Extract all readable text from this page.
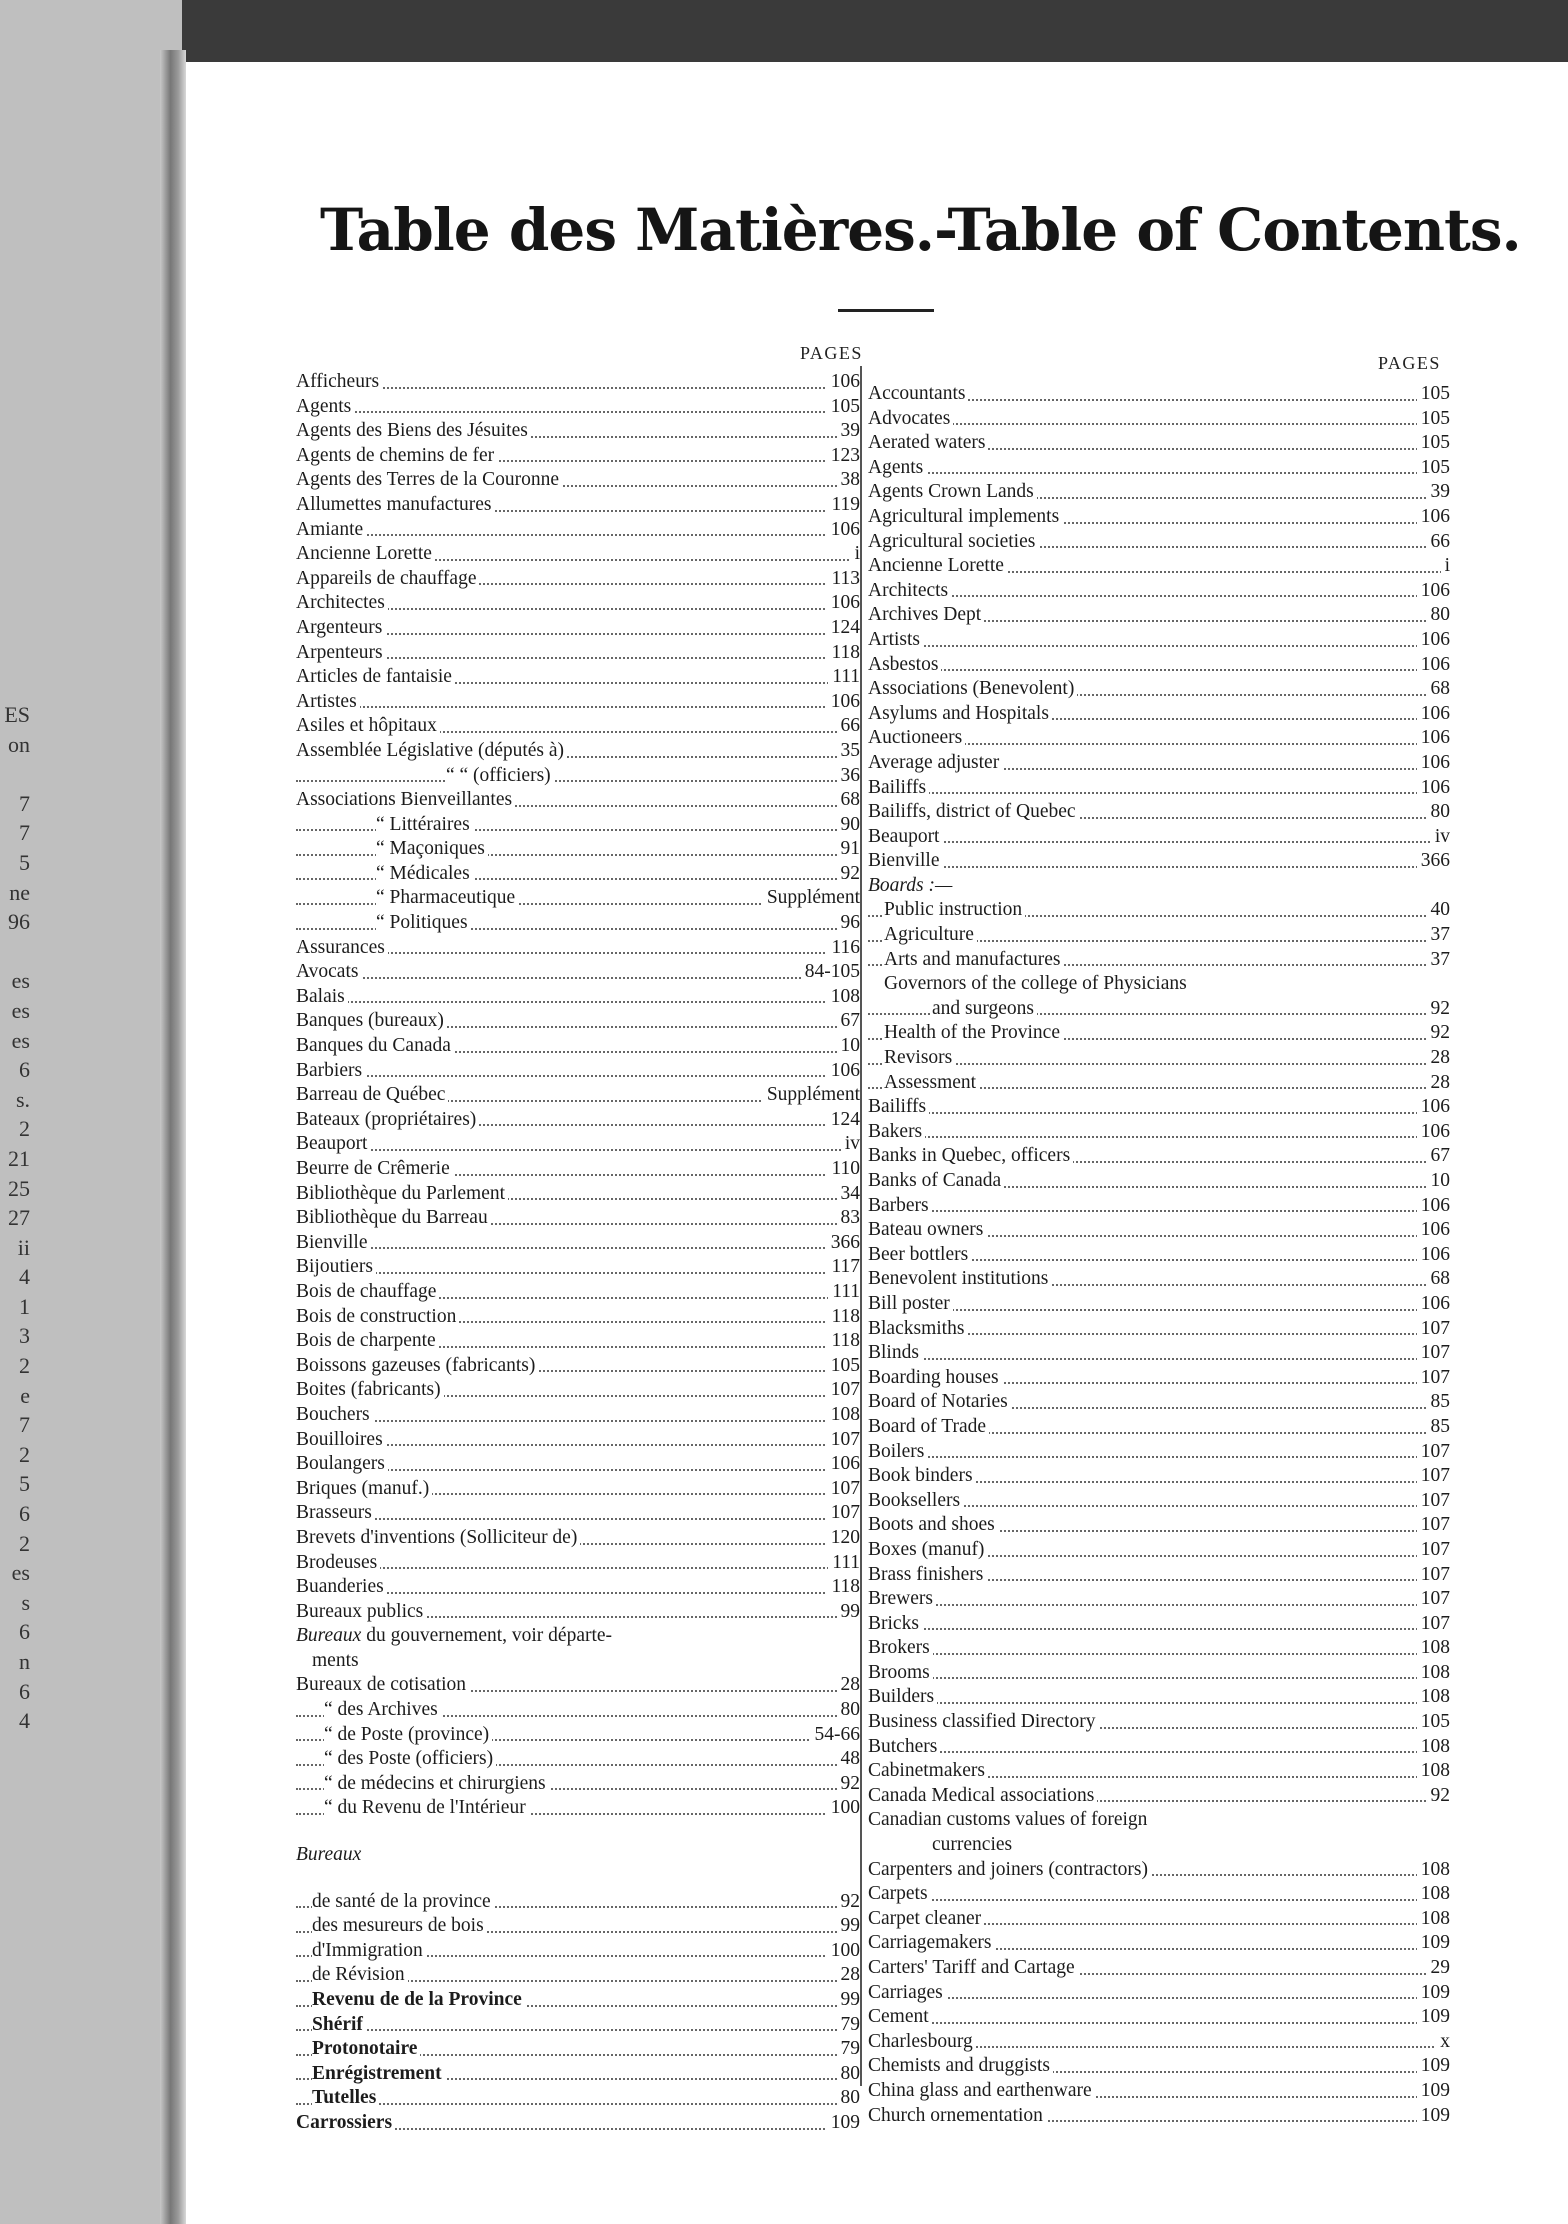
ES
on
7
7
5
ne
96
es
es
es
6
s.
2
21
25
27
ii
4
1
3
2
e
7
2
5
6
2
es
s
6
n
6
4
Table des Matières.-Table of Contents.
PAGES	PAGES
Afficheurs	106
Agents	105
Agents des Biens des Jésuites	39
Agents de chemins de fer	123
Agents des Terres de la Couronne	38
Allumettes manufactures	119
Amiante	106
Ancienne Lorette	i
Appareils de chauffage	113
Architectes	106
Argenteurs	124
Arpenteurs	118
Articles de fantaisie	111
Artistes	106
Asiles et hôpitaux	66
Assemblée Législative (députés à)	35
“ “ (officiers)	36
Associations Bienveillantes	68
“ Littéraires	90
“ Maçoniques	91
“ Médicales	92
“ Pharmaceutique	Supplément
“ Politiques	96
Assurances	116
Avocats	84-105
Balais	108
Banques (bureaux)	67
Banques du Canada	10
Barbiers	106
Barreau de Québec	Supplément
Bateaux (propriétaires)	124
Beauport	iv
Beurre de Crêmerie	110
Bibliothèque du Parlement	34
Bibliothèque du Barreau	83
Bienville	366
Bijoutiers	117
Bois de chauffage	111
Bois de construction	118
Bois de charpente	118
Boissons gazeuses (fabricants)	105
Boites (fabricants)	107
Bouchers	108
Bouilloires	107
Boulangers	106
Briques (manuf.)	107
Brasseurs	107
Brevets d'inventions (Solliciteur de)	120
Brodeuses	111
Buanderies	118
Bureaux publics	99
Bureaux du gouvernement, voir départe-
ments
Bureaux de cotisation	28
“ des Archives	80
“ de Poste (province)	54-66
“ des Poste (officiers)	48
“ de médecins et chirurgiens	92
“ du Revenu de l'Intérieur	100
Bureaux
de santé de la province	92
des mesureurs de bois	99
d'Immigration	100
de Révision	28
Revenu de de la Province	99
Shérif	79
Protonotaire	79
Enrégistrement	80
Tutelles	80
Carrossiers	109
Accountants	105
Advocates	105
Aerated waters	105
Agents	105
Agents Crown Lands	39
Agricultural implements	106
Agricultural societies	66
Ancienne Lorette	i
Architects	106
Archives Dept	80
Artists	106
Asbestos	106
Associations (Benevolent)	68
Asylums and Hospitals	106
Auctioneers	106
Average adjuster	106
Bailiffs	106
Bailiffs, district of Quebec	80
Beauport	iv
Bienville	366
Boards :—
Public instruction	40
Agriculture	37
Arts and manufactures	37
Governors of the college of Physicians
and surgeons	92
Health of the Province	92
Revisors	28
Assessment	28
Bailiffs	106
Bakers	106
Banks in Quebec, officers	67
Banks of Canada	10
Barbers	106
Bateau owners	106
Beer bottlers	106
Benevolent institutions	68
Bill poster	106
Blacksmiths	107
Blinds	107
Boarding houses	107
Board of Notaries	85
Board of Trade	85
Boilers	107
Book binders	107
Booksellers	107
Boots and shoes	107
Boxes (manuf)	107
Brass finishers	107
Brewers	107
Bricks	107
Brokers	108
Brooms	108
Builders	108
Business classified Directory	105
Butchers	108
Cabinetmakers	108
Canada Medical associations	92
Canadian customs values of foreign
currencies
Carpenters and joiners (contractors)	108
Carpets	108
Carpet cleaner	108
Carriagemakers	109
Carters' Tariff and Cartage	29
Carriages	109
Cement	109
Charlesbourg	x
Chemists and druggists	109
China glass and earthenware	109
Church ornementation	109
